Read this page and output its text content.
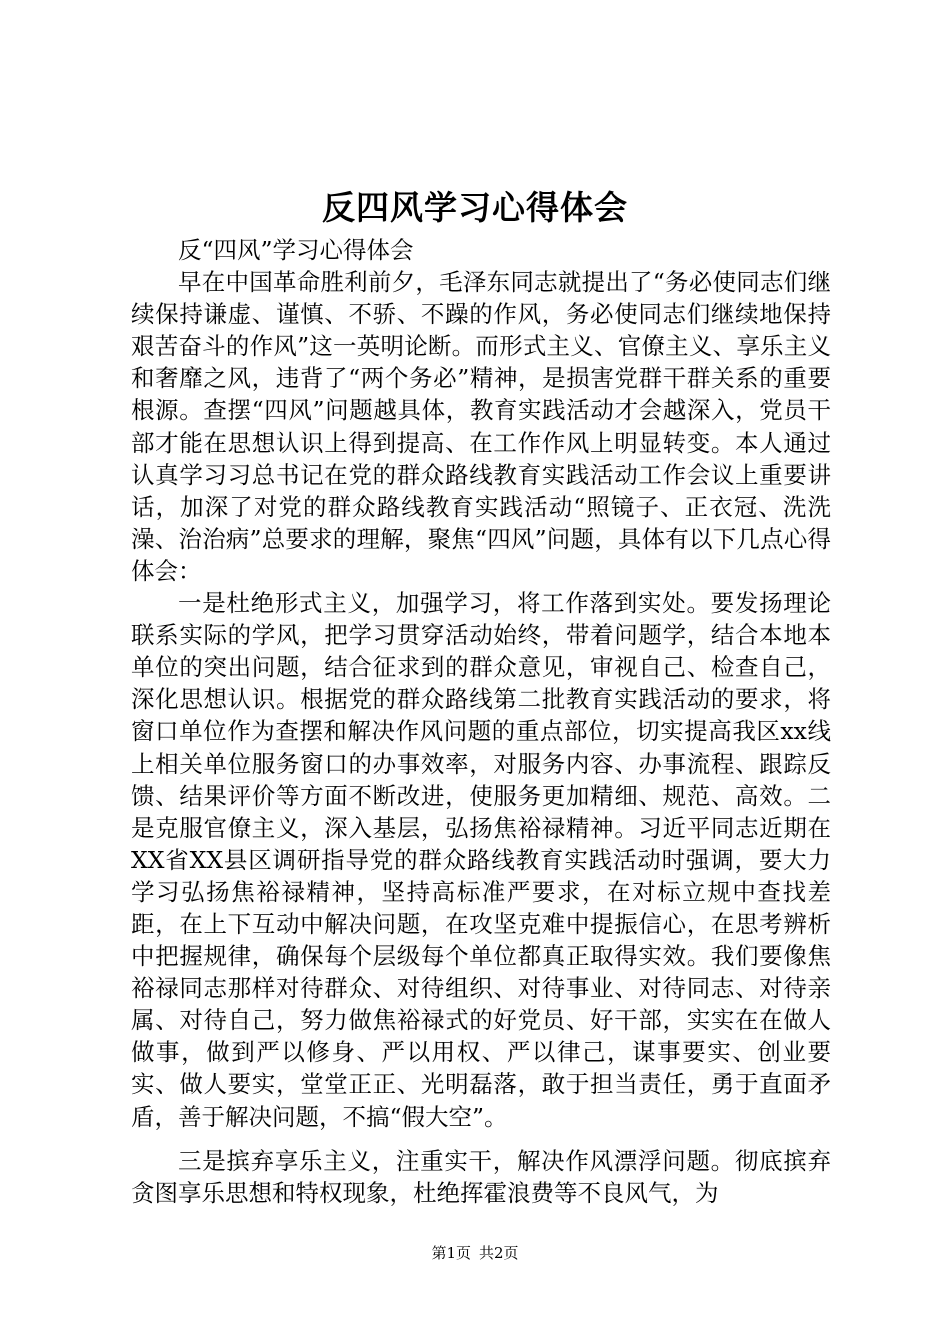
反四风学习心得体会

反“四风”学习心得体会

早在中国革命胜利前夕，毛泽东同志就提出了“务必使同志们继续保持谦虚、谨慎、不骄、不躁的作风，务必使同志们继续地保持艰苦奋斗的作风”这一英明论断。而形式主义、官僚主义、享乐主义和奢靡之风，违背了“两个务必”精神，是损害党群干群关系的重要根源。查摆“四风”问题越具体，教育实践活动才会越深入，党员干部才能在思想认识上得到提高、在工作作风上明显转变。本人通过认真学习习总书记在党的群众路线教育实践活动工作会议上重要讲话，加深了对党的群众路线教育实践活动“照镜子、正衣冠、洗洗澡、治治病”总要求的理解，聚焦“四风”问题，具体有以下几点心得体会：

一是杜绝形式主义，加强学习，将工作落到实处。要发扬理论联系实际的学风，把学习贯穿活动始终，带着问题学，结合本地本单位的突出问题，结合征求到的群众意见，审视自己、检查自己，深化思想认识。根据党的群众路线第二批教育实践活动的要求，将窗口单位作为查摆和解决作风问题的重点部位，切实提高我区xx线上相关单位服务窗口的办事效率，对服务内容、办事流程、跟踪反馈、结果评价等方面不断改进，使服务更加精细、规范、高效。二是克服官僚主义，深入基层，弘扬焦裕禄精神。习近平同志近期在XX省XX县区调研指导党的群众路线教育实践活动时强调，要大力学习弘扬焦裕禄精神，坚持高标准严要求，在对标立规中查找差距，在上下互动中解决问题，在攻坚克难中提振信心，在思考辨析中把握规律，确保每个层级每个单位都真正取得实效。我们要像焦裕禄同志那样对待群众、对待组织、对待事业、对待同志、对待亲属、对待自己，努力做焦裕禄式的好党员、好干部，实实在在做人做事，做到严以修身、严以用权、严以律己，谋事要实、创业要实、做人要实，堂堂正正、光明磊落，敢于担当责任，勇于直面矛盾，善于解决问题，不搞“假大空”。

三是摈弃享乐主义，注重实干，解决作风漂浮问题。彻底摈弃贪图享乐思想和特权现象，杜绝挥霍浪费等不良风气，为

第1页 共2页
